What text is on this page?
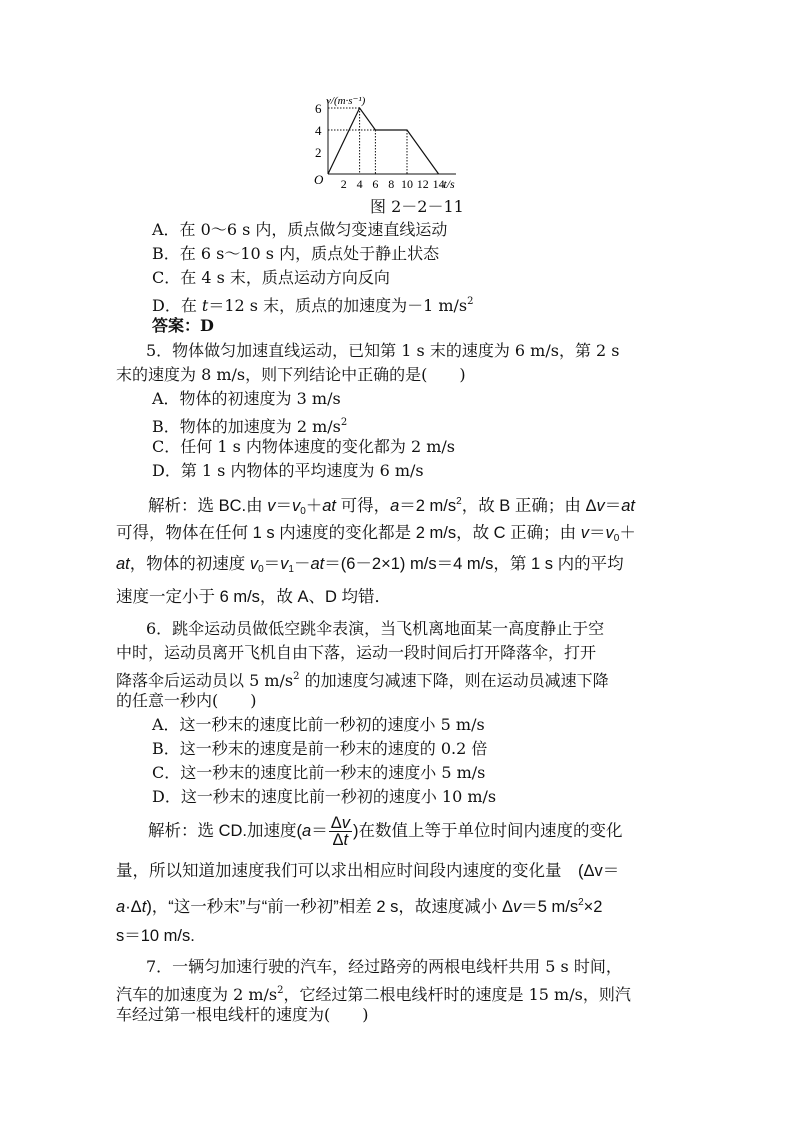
v/(m·s⁻¹)
t/s
O
6
4
2
2 4 6 8 10 12 14
图 2－2－11
A．在 0～6 s 内，质点做匀变速直线运动
B．在 6 s～10 s 内，质点处于静止状态
C．在 4 s 末，质点运动方向反向
D．在 t＝12 s 末，质点的加速度为－1 $m/s^2$
答案：D
5．物体做匀加速直线运动，已知第 1 s 末的速度为 6 m/s，第 2 s
末的速度为 8 m/s，则下列结论中正确的是(　　)
A．物体的初速度为 3 m/s
B．物体的加速度为 2 $m/s^2$
C．任何 1 s 内物体速度的变化都为 2 m/s
D．第 1 s 内物体的平均速度为 6 m/s
解析：选 BC.由 $v=v_0+at$ 可得，a＝2 $m/s^2$，故 B 正确；由 Δv＝at
可得，物体在任何 1 s 内速度的变化都是 2 m/s，故 C 正确；由 $v=v_0+$
at，物体的初速度 $v_0=v_1-at=(6-2\times 1)$ m/s＝4 m/s，第 1 s 内的平均
速度一定小于 6 m/s，故 A、D 均错．
6．跳伞运动员做低空跳伞表演，当飞机离地面某一高度静止于空
中时，运动员离开飞机自由下落，运动一段时间后打开降落伞，打开
降落伞后运动员以 5 $m/s^2$ 的加速度匀减速下降，则在运动员减速下降
的任意一秒内(　　)
A．这一秒末的速度比前一秒初的速度小 5 m/s
B．这一秒末的速度是前一秒末的速度的 0.2 倍
C．这一秒末的速度比前一秒末的速度小 5 m/s
D．这一秒末的速度比前一秒初的速度小 10 m/s
解析：选 CD.加速度($a= \frac{\Delta v}{\Delta t}$ )在数值上等于单位时间内速度的变化
量，所以知道加速度我们可以求出相应时间段内速度的变化量　(Δv＝
a·Δt)，“这一秒末”与“前一秒初”相差 2 s，故速度减小 Δv＝5 $m/s^2\times 2$
s＝10 m/s.
7．一辆匀加速行驶的汽车，经过路旁的两根电线杆共用 5 s 时间，
汽车的加速度为 2 $m/s^2$，它经过第二根电线杆时的速度是 15 m/s，则汽
车经过第一根电线杆的速度为(　　)
